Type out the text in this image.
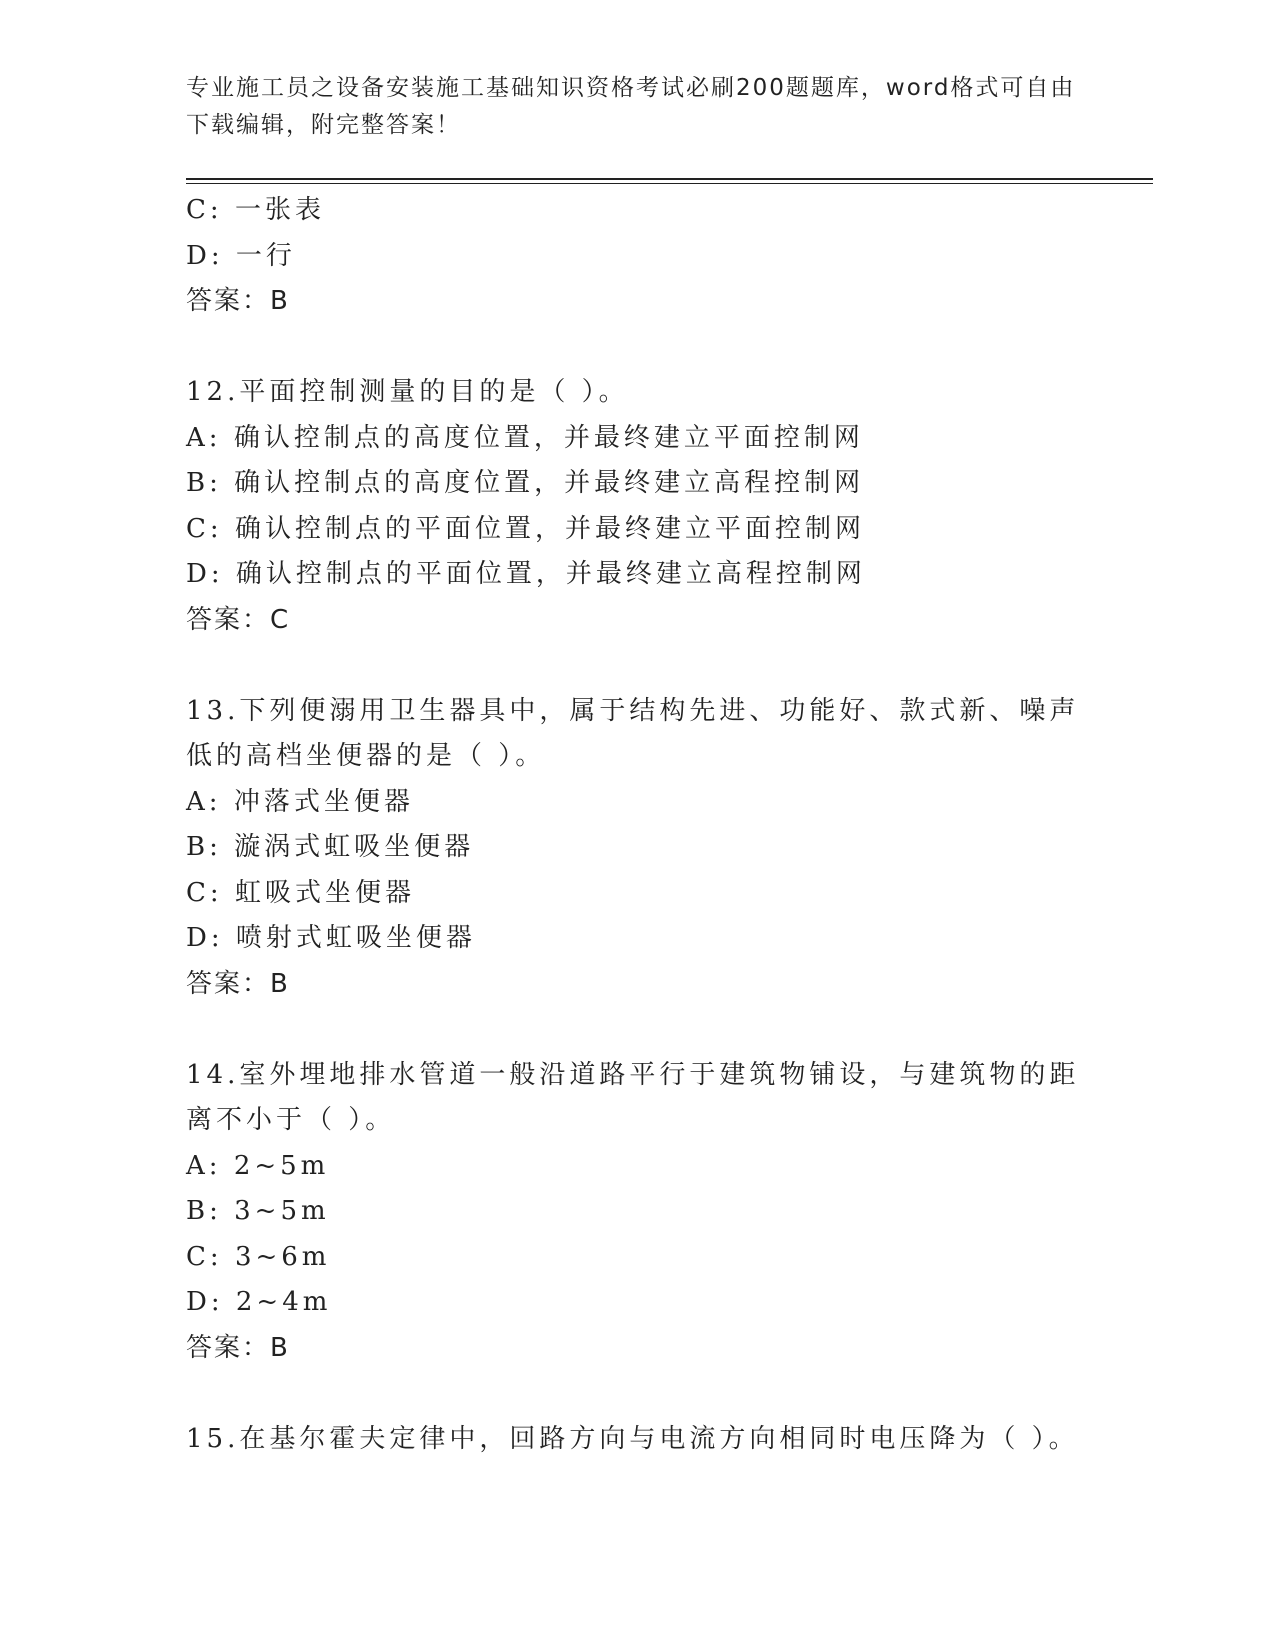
专业施工员之设备安装施工基础知识资格考试必刷200题题库，word格式可自由下载编辑，附完整答案！
C: 一张表
D: 一行
答案：B
12.平面控制测量的目的是（ ）。
A: 确认控制点的高度位置，并最终建立平面控制网
B: 确认控制点的高度位置，并最终建立高程控制网
C: 确认控制点的平面位置，并最终建立平面控制网
D: 确认控制点的平面位置，并最终建立高程控制网
答案：C
13.下列便溺用卫生器具中，属于结构先进、功能好、款式新、噪声低的高档坐便器的是（ ）。
A: 冲落式坐便器
B: 漩涡式虹吸坐便器
C: 虹吸式坐便器
D: 喷射式虹吸坐便器
答案：B
14.室外埋地排水管道一般沿道路平行于建筑物铺设，与建筑物的距离不小于（ ）。
A: 2~5m
B: 3~5m
C: 3~6m
D: 2~4m
答案：B
15.在基尔霍夫定律中，回路方向与电流方向相同时电压降为（ ）。
